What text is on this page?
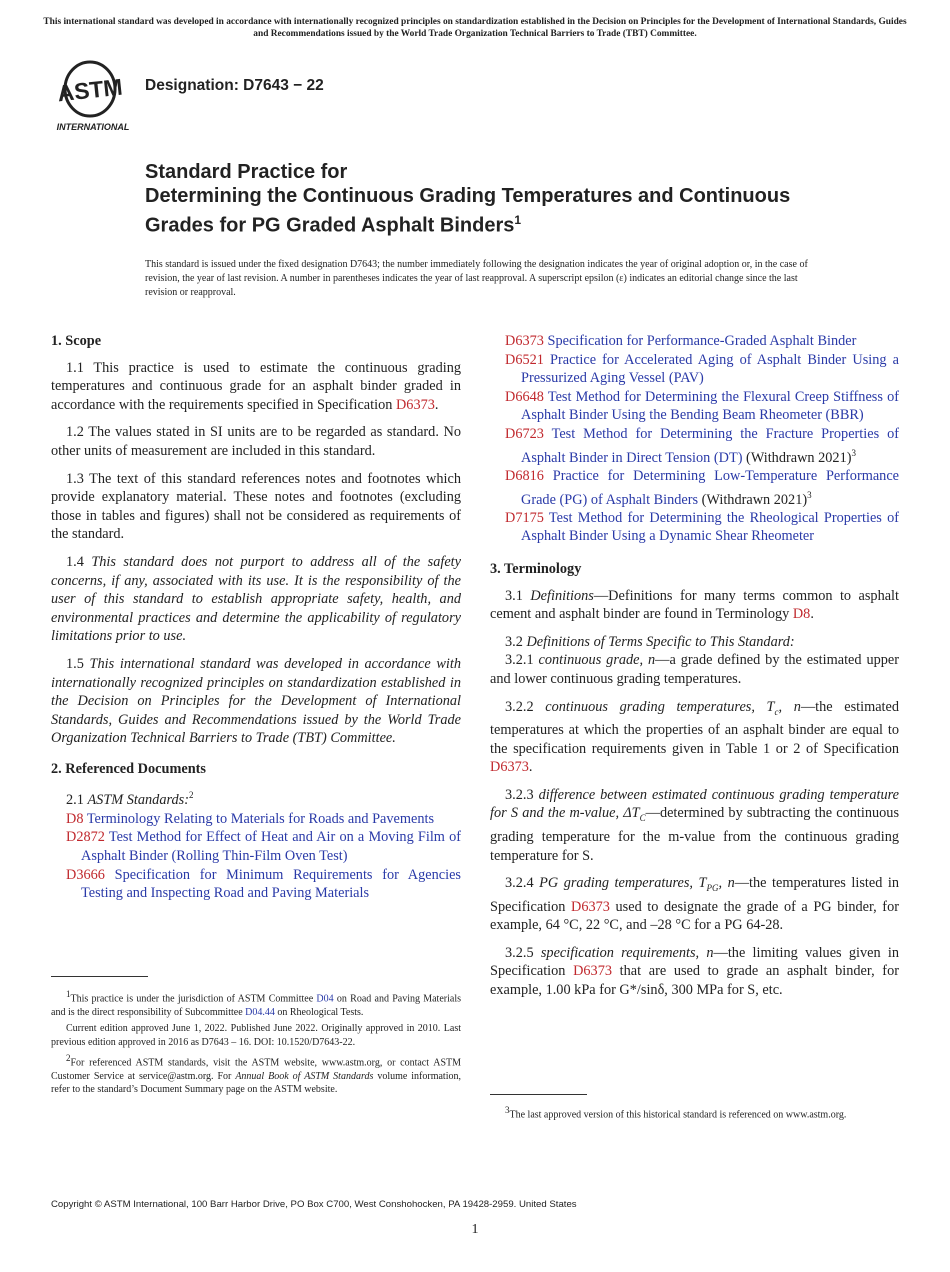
This international standard was developed in accordance with internationally recognized principles on standardization established in the Decision on Principles for the Development of International Standards, Guides and Recommendations issued by the World Trade Organization Technical Barriers to Trade (TBT) Committee.
ASTM
INTERNATIONAL
Designation: D7643 − 22
Standard Practice for
Determining the Continuous Grading Temperatures and Continuous Grades for PG Graded Asphalt Binders$^1$
This standard is issued under the fixed designation D7643; the number immediately following the designation indicates the year of original adoption or, in the case of revision, the year of last revision. A number in parentheses indicates the year of last reapproval. A superscript epsilon (ε) indicates an editorial change since the last revision or reapproval.
1. Scope

1.1 This practice is used to estimate the continuous grading temperatures and continuous grade for an asphalt binder graded in accordance with the requirements specified in Specification D6373.

1.2 The values stated in SI units are to be regarded as standard. No other units of measurement are included in this standard.

1.3 The text of this standard references notes and footnotes which provide explanatory material. These notes and footnotes (excluding those in tables and figures) shall not be considered as requirements of the standard.

1.4 This standard does not purport to address all of the safety concerns, if any, associated with its use. It is the responsibility of the user of this standard to establish appropriate safety, health, and environmental practices and determine the applicability of regulatory limitations prior to use.

1.5 This international standard was developed in accordance with internationally recognized principles on standardization established in the Decision on Principles for the Development of International Standards, Guides and Recommendations issued by the World Trade Organization Technical Barriers to Trade (TBT) Committee.

2. Referenced Documents

2.1 ASTM Standards:$^2$

D8 Terminology Relating to Materials for Roads and Pavements
D2872 Test Method for Effect of Heat and Air on a Moving Film of Asphalt Binder (Rolling Thin-Film Oven Test)
D3666 Specification for Minimum Requirements for Agencies Testing and Inspecting Road and Paving Materials

$^1$This practice is under the jurisdiction of ASTM Committee D04 on Road and Paving Materials and is the direct responsibility of Subcommittee D04.44 on Rheological Tests.

Current edition approved June 1, 2022. Published June 2022. Originally approved in 2010. Last previous edition approved in 2016 as D7643 – 16. DOI: 10.1520/D7643-22.

$^2$For referenced ASTM standards, visit the ASTM website, www.astm.org, or contact ASTM Customer Service at service@astm.org. For Annual Book of ASTM Standards volume information, refer to the standard’s Document Summary page on the ASTM website.

D6373 Specification for Performance-Graded Asphalt Binder
D6521 Practice for Accelerated Aging of Asphalt Binder Using a Pressurized Aging Vessel (PAV)
D6648 Test Method for Determining the Flexural Creep Stiffness of Asphalt Binder Using the Bending Beam Rheometer (BBR)
D6723 Test Method for Determining the Fracture Properties of Asphalt Binder in Direct Tension (DT) (Withdrawn 2021)$^3$
D6816 Practice for Determining Low-Temperature Performance Grade (PG) of Asphalt Binders (Withdrawn 2021)$^3$
D7175 Test Method for Determining the Rheological Properties of Asphalt Binder Using a Dynamic Shear Rheometer
3. Terminology

3.1 Definitions—Definitions for many terms common to asphalt cement and asphalt binder are found in Terminology D8.

3.2 Definitions of Terms Specific to This Standard:

3.2.1 continuous grade, n—a grade defined by the estimated upper and lower continuous grading temperatures.

3.2.2 continuous grading temperatures, $T_c$, n—the estimated temperatures at which the properties of an asphalt binder are equal to the specification requirements given in Table 1 or 2 of Specification D6373.

3.2.3 difference between estimated continuous grading temperature for S and the m-value, $\Delta T_C—determined$ by subtracting the continuous grading temperature for the m-value from the continuous grading temperature for S.

3.2.4 PG grading temperatures, $T_{PG}$, n—the temperatures listed in Specification D6373 used to designate the grade of a PG binder, for example, 64 °C, 22 °C, and –28 °C for a PG 64-28.

3.2.5 specification requirements, n—the limiting values given in Specification D6373 that are used to grade an asphalt binder, for example, 1.00 kPa for G*/sinδ, 300 MPa for S, etc.

$^3$The last approved version of this historical standard is referenced on www.astm.org.

Copyright © ASTM International, 100 Barr Harbor Drive, PO Box C700, West Conshohocken, PA 19428-2959. United States
1
